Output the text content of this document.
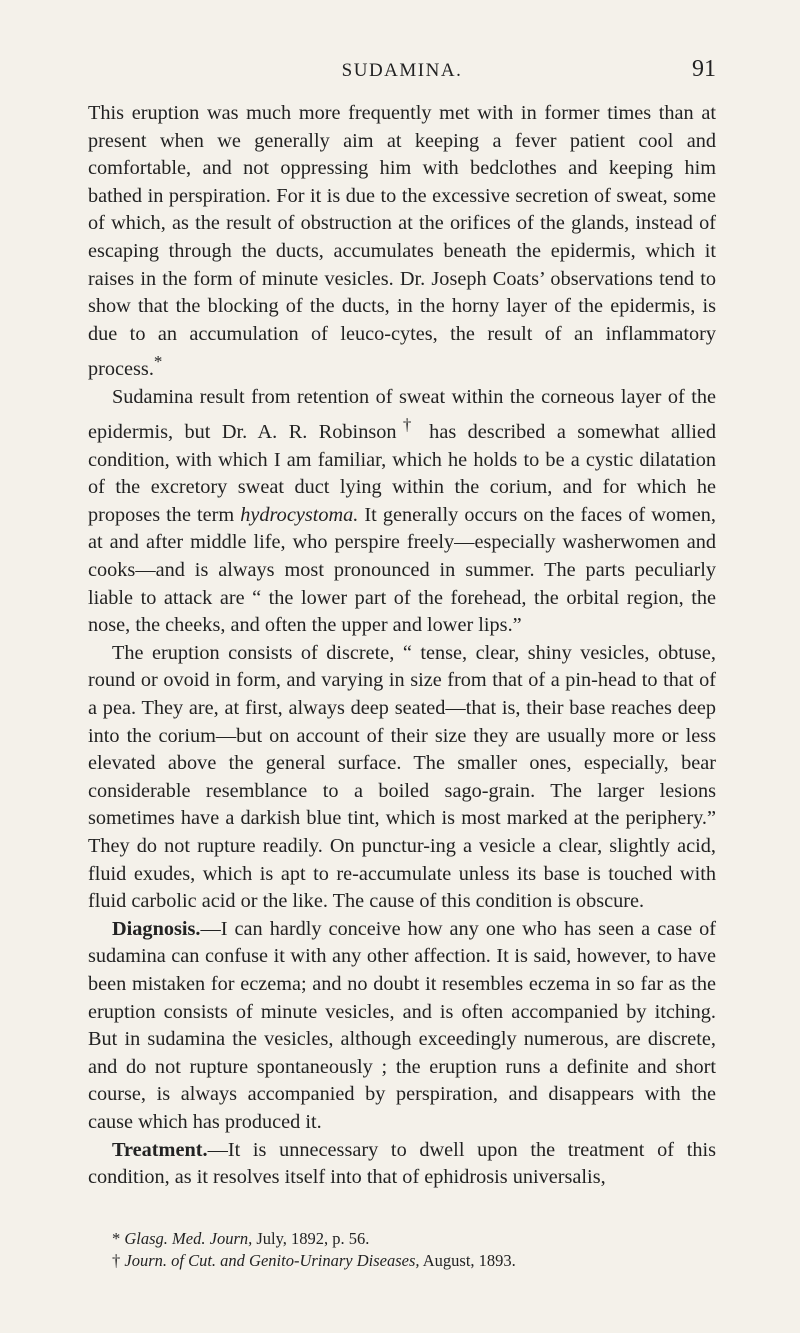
SUDAMINA.	91

This eruption was much more frequently met with in former times than at present when we generally aim at keeping a fever patient cool and comfortable, and not oppressing him with bedclothes and keeping him bathed in perspiration. For it is due to the excessive secretion of sweat, some of which, as the result of obstruction at the orifices of the glands, instead of escaping through the ducts, accumulates beneath the epidermis, which it raises in the form of minute vesicles. Dr. Joseph Coats’ observations tend to show that the blocking of the ducts, in the horny layer of the epidermis, is due to an accumulation of leuco-cytes, the result of an inflammatory process.*

Sudamina result from retention of sweat within the corneous layer of the epidermis, but Dr. A. R. Robinson† has described a somewhat allied condition, with which I am familiar, which he holds to be a cystic dilatation of the excretory sweat duct lying within the corium, and for which he proposes the term hydrocystoma. It generally occurs on the faces of women, at and after middle life, who perspire freely—especially washerwomen and cooks—and is always most pronounced in summer. The parts peculiarly liable to attack are “ the lower part of the forehead, the orbital region, the nose, the cheeks, and often the upper and lower lips.”

The eruption consists of discrete, “ tense, clear, shiny vesicles, obtuse, round or ovoid in form, and varying in size from that of a pin-head to that of a pea. They are, at first, always deep seated—that is, their base reaches deep into the corium—but on account of their size they are usually more or less elevated above the general surface. The smaller ones, especially, bear considerable resemblance to a boiled sago-grain. The larger lesions sometimes have a darkish blue tint, which is most marked at the periphery.” They do not rupture readily. On punctur-ing a vesicle a clear, slightly acid, fluid exudes, which is apt to re-accumulate unless its base is touched with fluid carbolic acid or the like. The cause of this condition is obscure.

Diagnosis.—I can hardly conceive how any one who has seen a case of sudamina can confuse it with any other affection. It is said, however, to have been mistaken for eczema; and no doubt it resembles eczema in so far as the eruption consists of minute vesicles, and is often accompanied by itching. But in sudamina the vesicles, although exceedingly numerous, are discrete, and do not rupture spontaneously ; the eruption runs a definite and short course, is always accompanied by perspiration, and disappears with the cause which has produced it.

Treatment.—It is unnecessary to dwell upon the treatment of this condition, as it resolves itself into that of ephidrosis universalis,

* Glasg. Med. Journ, July, 1892, p. 56.

† Journ. of Cut. and Genito-Urinary Diseases, August, 1893.
